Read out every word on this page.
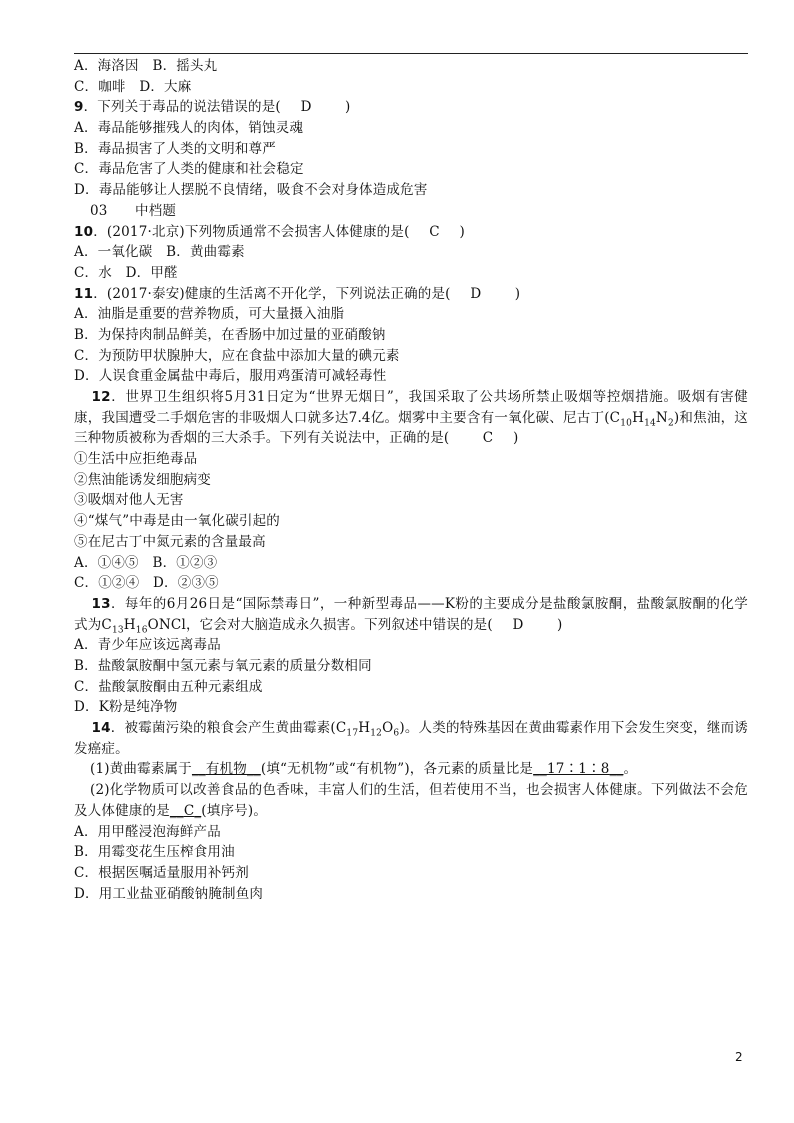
A．海洛因　B．摇头丸
C．咖啡　D．大麻
9．下列关于毒品的说法错误的是(　D　　)
A．毒品能够摧残人的肉体，销蚀灵魂
B．毒品损害了人类的文明和尊严
C．毒品危害了人类的健康和社会稳定
D．毒品能够让人摆脱不良情绪，吸食不会对身体造成危害
03　　 中档题
10．(2017·北京)下列物质通常不会损害人体健康的是(　C　)
A．一氧化碳　B．黄曲霉素
C．水　D．甲醛
11．(2017·泰安)健康的生活离不开化学，下列说法正确的是(　D　　)
A．油脂是重要的营养物质，可大量摄入油脂
B．为保持肉制品鲜美，在香肠中加过量的亚硝酸钠
C．为预防甲状腺肿大，应在食盐中添加大量的碘元素
D．人误食重金属盐中毒后，服用鸡蛋清可减轻毒性
12．世界卫生组织将5月31日定为“世界无烟日”，我国采取了公共场所禁止吸烟等控烟措施。吸烟有害健康，我国遭受二手烟危害的非吸烟人口就多达7.4亿。烟雾中主要含有一氧化碳、尼古丁$(C_{10}H_{14}N_2)$和焦油，这三种物质被称为香烟的三大杀手。下列有关说法中，正确的是(　　C　)
①生活中应拒绝毒品
②焦油能诱发细胞病变
③吸烟对他人无害
④“煤气”中毒是由一氧化碳引起的
⑤在尼古丁中氮元素的含量最高
A．①④⑤　B．①②③
C．①②④　D．②③⑤
13．每年的6月26日是“国际禁毒日”，一种新型毒品——K粉的主要成分是盐酸氯胺酮，盐酸氯胺酮的化学式为$C_{13}H_{16}ONCl$，它会对大脑造成永久损害。下列叙述中错误的是(　D　　)
A．青少年应该远离毒品
B．盐酸氯胺酮中氢元素与氧元素的质量分数相同
C．盐酸氯胺酮由五种元素组成
D．K粉是纯净物
14．被霉菌污染的粮食会产生黄曲霉素$(C_{17}H_{12}O_6)$。人类的特殊基因在黄曲霉素作用下会发生突变，继而诱发癌症。
(1)黄曲霉素属于__有机物__(填“无机物”或“有机物”)，各元素的质量比是__17∶1∶8__。
(2)化学物质可以改善食品的色香味，丰富人们的生活，但若使用不当，也会损害人体健康。下列做法不会危及人体健康的是__C_(填序号)。
A．用甲醛浸泡海鲜产品
B．用霉变花生压榨食用油
C．根据医嘱适量服用补钙剂
D．用工业盐亚硝酸钠腌制鱼肉
2
